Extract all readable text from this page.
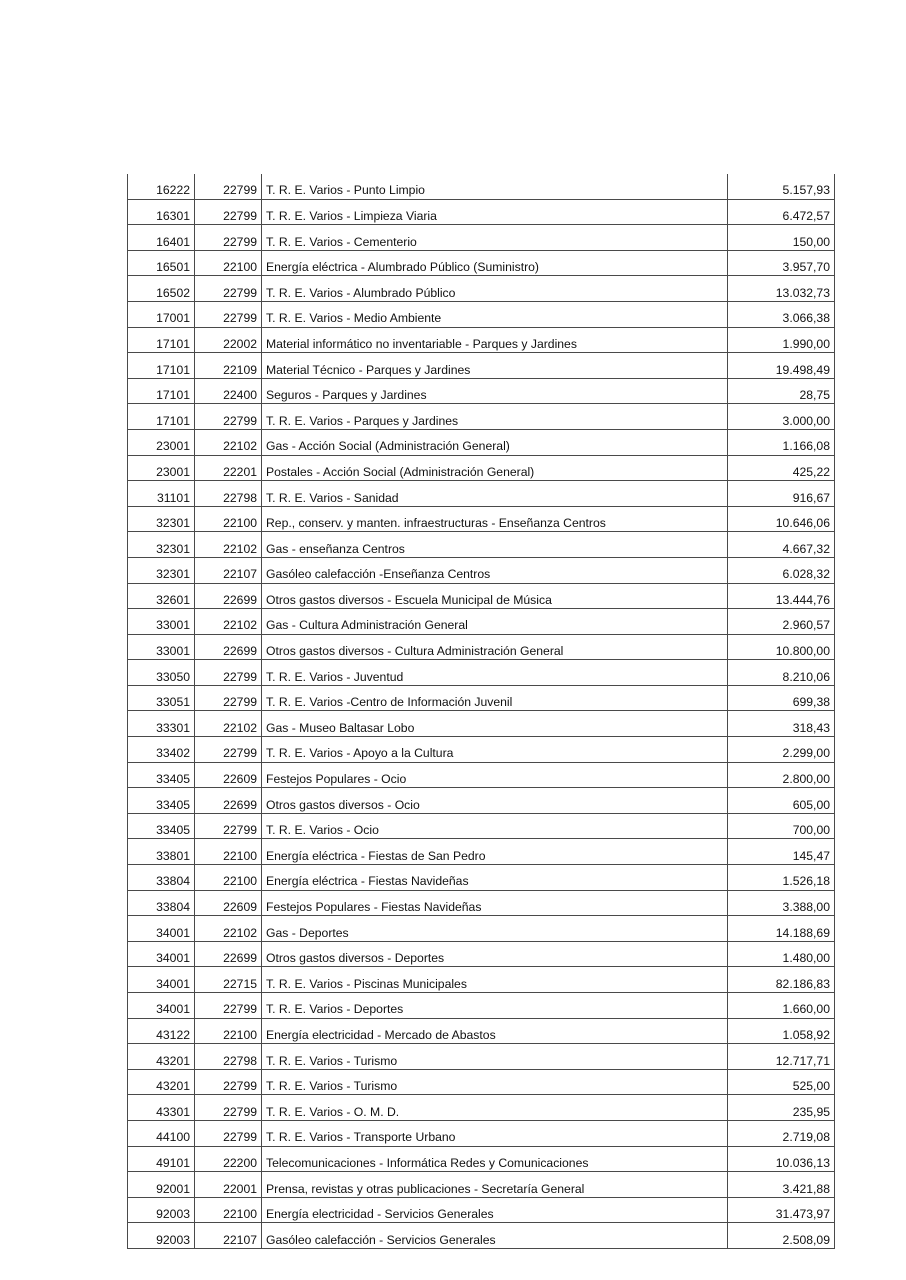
16222	22799	T. R. E. Varios - Punto Limpio	5.157,93
16301	22799	T. R. E. Varios - Limpieza Viaria	6.472,57
16401	22799	T. R. E. Varios - Cementerio	150,00
16501	22100	Energía eléctrica - Alumbrado Público (Suministro)	3.957,70
16502	22799	T. R. E. Varios - Alumbrado Público	13.032,73
17001	22799	T. R. E. Varios - Medio Ambiente	3.066,38
17101	22002	Material informático no inventariable - Parques y Jardines	1.990,00
17101	22109	Material Técnico - Parques y Jardines	19.498,49
17101	22400	Seguros - Parques y Jardines	28,75
17101	22799	T. R. E. Varios - Parques y Jardines	3.000,00
23001	22102	Gas - Acción Social (Administración General)	1.166,08
23001	22201	Postales - Acción Social (Administración General)	425,22
31101	22798	T. R. E. Varios - Sanidad	916,67
32301	22100	Rep., conserv. y manten. infraestructuras - Enseñanza Centros	10.646,06
32301	22102	Gas - enseñanza Centros	4.667,32
32301	22107	Gasóleo calefacción -Enseñanza Centros	6.028,32
32601	22699	Otros gastos diversos - Escuela Municipal de Música	13.444,76
33001	22102	Gas - Cultura Administración General	2.960,57
33001	22699	Otros gastos diversos - Cultura Administración General	10.800,00
33050	22799	T. R. E. Varios - Juventud	8.210,06
33051	22799	T. R. E. Varios -Centro de Información Juvenil	699,38
33301	22102	Gas - Museo Baltasar Lobo	318,43
33402	22799	T. R. E. Varios - Apoyo a la Cultura	2.299,00
33405	22609	Festejos Populares - Ocio	2.800,00
33405	22699	Otros gastos diversos - Ocio	605,00
33405	22799	T. R. E. Varios - Ocio	700,00
33801	22100	Energía eléctrica - Fiestas de San Pedro	145,47
33804	22100	Energía eléctrica - Fiestas Navideñas	1.526,18
33804	22609	Festejos Populares - Fiestas Navideñas	3.388,00
34001	22102	Gas - Deportes	14.188,69
34001	22699	Otros gastos diversos - Deportes	1.480,00
34001	22715	T. R. E. Varios - Piscinas Municipales	82.186,83
34001	22799	T. R. E. Varios - Deportes	1.660,00
43122	22100	Energía electricidad - Mercado de Abastos	1.058,92
43201	22798	T. R. E. Varios - Turismo	12.717,71
43201	22799	T. R. E. Varios - Turismo	525,00
43301	22799	T. R. E. Varios - O. M. D.	235,95
44100	22799	T. R. E. Varios - Transporte Urbano	2.719,08
49101	22200	Telecomunicaciones - Informática Redes y Comunicaciones	10.036,13
92001	22001	Prensa, revistas y otras publicaciones - Secretaría General	3.421,88
92003	22100	Energía electricidad - Servicios Generales	31.473,97
92003	22107	Gasóleo calefacción - Servicios Generales	2.508,09
